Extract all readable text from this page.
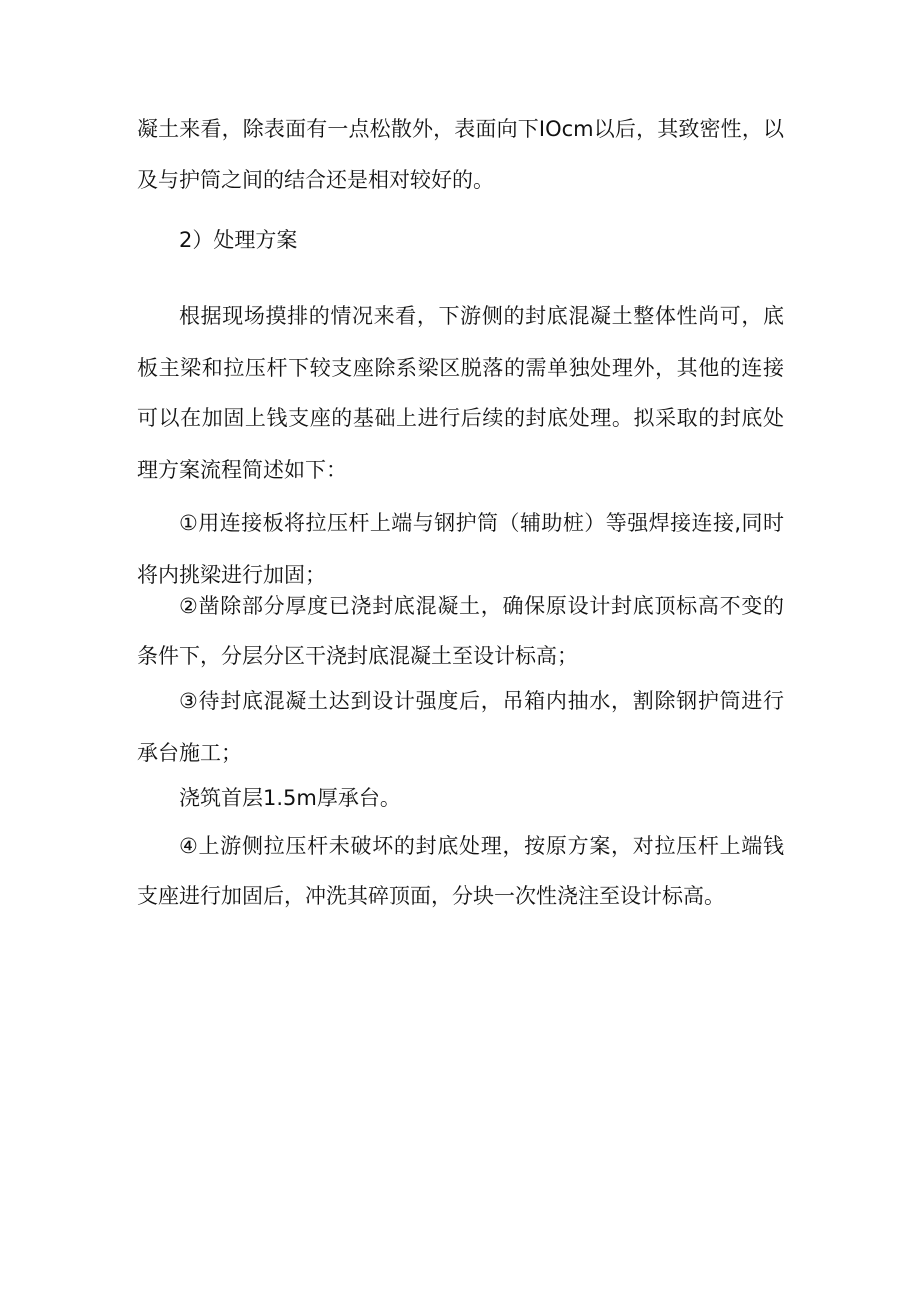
凝土来看，除表面有一点松散外，表面向下IOcm以后，其致密性，以
及与护筒之间的结合还是相对较好的。
2）处理方案
根据现场摸排的情况来看，下游侧的封底混凝土整体性尚可，底
板主梁和拉压杆下较支座除系梁区脱落的需单独处理外，其他的连接
可以在加固上钱支座的基础上进行后续的封底处理。拟采取的封底处
理方案流程简述如下：
①用连接板将拉压杆上端与钢护筒（辅助桩）等强焊接连接,同时
将内挑梁进行加固；
②凿除部分厚度已浇封底混凝土，确保原设计封底顶标高不变的
条件下，分层分区干浇封底混凝土至设计标高；
③待封底混凝土达到设计强度后，吊箱内抽水，割除钢护筒进行
承台施工；
浇筑首层1.5m厚承台。
④上游侧拉压杆未破坏的封底处理，按原方案，对拉压杆上端钱
支座进行加固后，冲洗其碎顶面，分块一次性浇注至设计标高。
